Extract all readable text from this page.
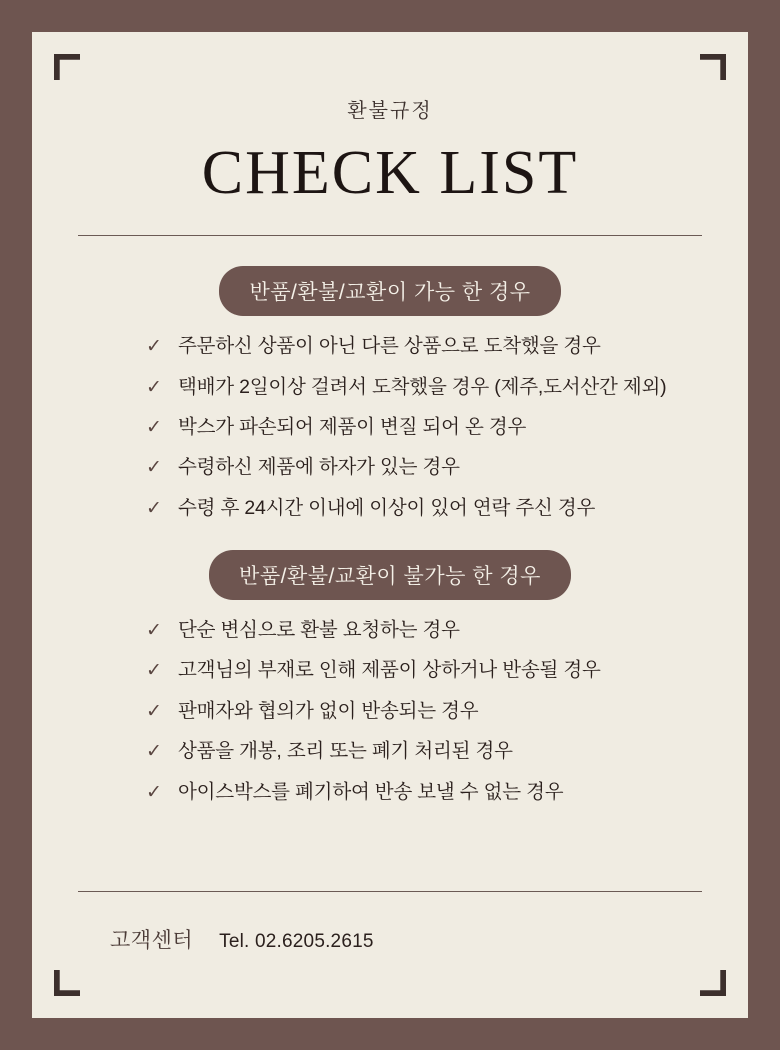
환불규정
CHECK LIST
반품/환불/교환이 가능 한 경우
✓ 주문하신 상품이 아닌 다른 상품으로 도착했을 경우
✓ 택배가 2일이상 걸려서 도착했을 경우 (제주,도서산간 제외)
✓ 박스가 파손되어 제품이 변질 되어 온 경우
✓ 수령하신 제품에 하자가 있는 경우
✓ 수령 후 24시간 이내에 이상이 있어 연락 주신 경우
반품/환불/교환이 불가능 한 경우
✓ 단순 변심으로 환불 요청하는 경우
✓ 고객님의 부재로 인해 제품이 상하거나 반송될 경우
✓ 판매자와 협의가 없이 반송되는 경우
✓ 상품을 개봉, 조리 또는 폐기 처리된 경우
✓ 아이스박스를 폐기하여 반송 보낼 수 없는 경우
고객센터 Tel. 02.6205.2615
